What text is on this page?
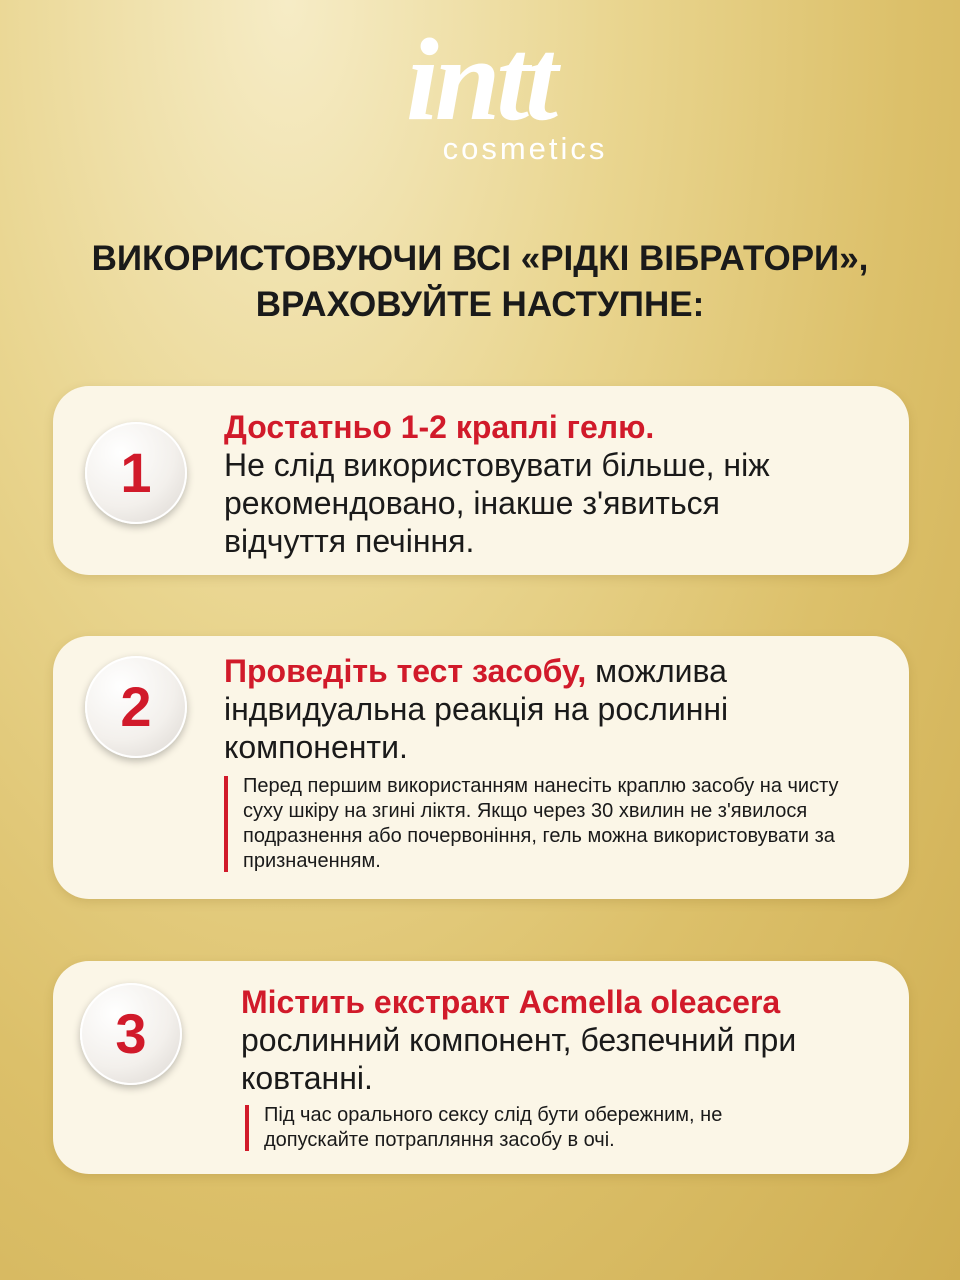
intt
cosmetics
ВИКОРИСТОВУЮЧИ ВСІ «РІДКІ ВІБРАТОРИ»,
ВРАХОВУЙТЕ НАСТУПНЕ:
1
Достатньо 1-2 краплі гелю.
Не слід використовувати більше, ніж рекомендовано, інакше з'явиться відчуття печіння.
2
Проведіть тест засобу, можлива індвидуальна реакція на рослинні компоненти.
Перед першим використанням нанесіть краплю засобу на чисту суху шкіру на згині ліктя. Якщо через 30 хвилин не з'явилося подразнення або почервоніння, гель можна використовувати за призначенням.
3	Містить екстракт Acmella oleacera
рослинний компонент, безпечний при ковтанні.
Під час орального сексу слід бути обережним, не допускайте потрапляння засобу в очі.
